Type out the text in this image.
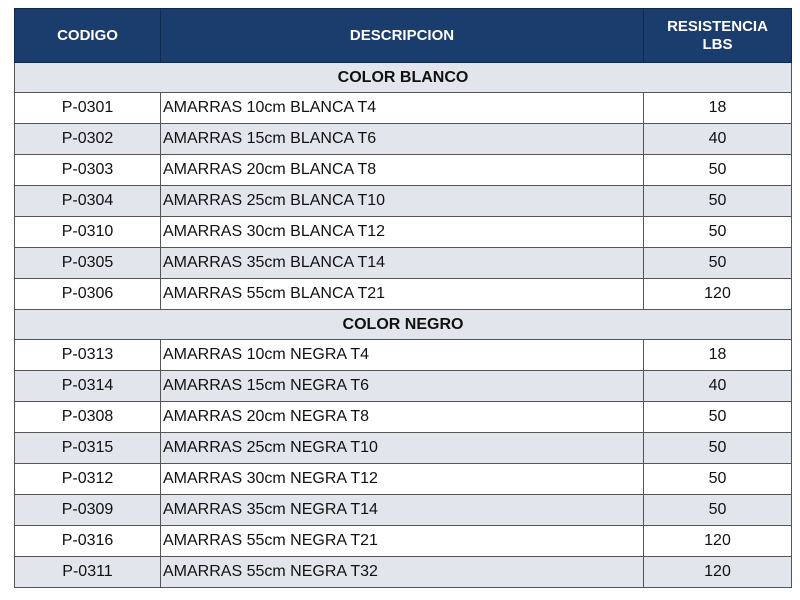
CODIGO	DESCRIPCION	RESISTENCIA
LBS
COLOR BLANCO		
P-0301	AMARRAS 10cm BLANCA T4	18
P-0302	AMARRAS 15cm BLANCA T6	40
P-0303	AMARRAS 20cm BLANCA T8	50
P-0304	AMARRAS 25cm BLANCA T10	50
P-0310	AMARRAS 30cm BLANCA T12	50
P-0305	AMARRAS 35cm BLANCA T14	50
P-0306	AMARRAS 55cm BLANCA T21	120
COLOR NEGRO		
P-0313	AMARRAS 10cm NEGRA T4	18
P-0314	AMARRAS 15cm NEGRA T6	40
P-0308	AMARRAS 20cm NEGRA T8	50
P-0315	AMARRAS 25cm NEGRA T10	50
P-0312	AMARRAS 30cm NEGRA T12	50
P-0309	AMARRAS 35cm NEGRA T14	50
P-0316	AMARRAS 55cm NEGRA T21	120
P-0311	AMARRAS 55cm NEGRA T32	120
